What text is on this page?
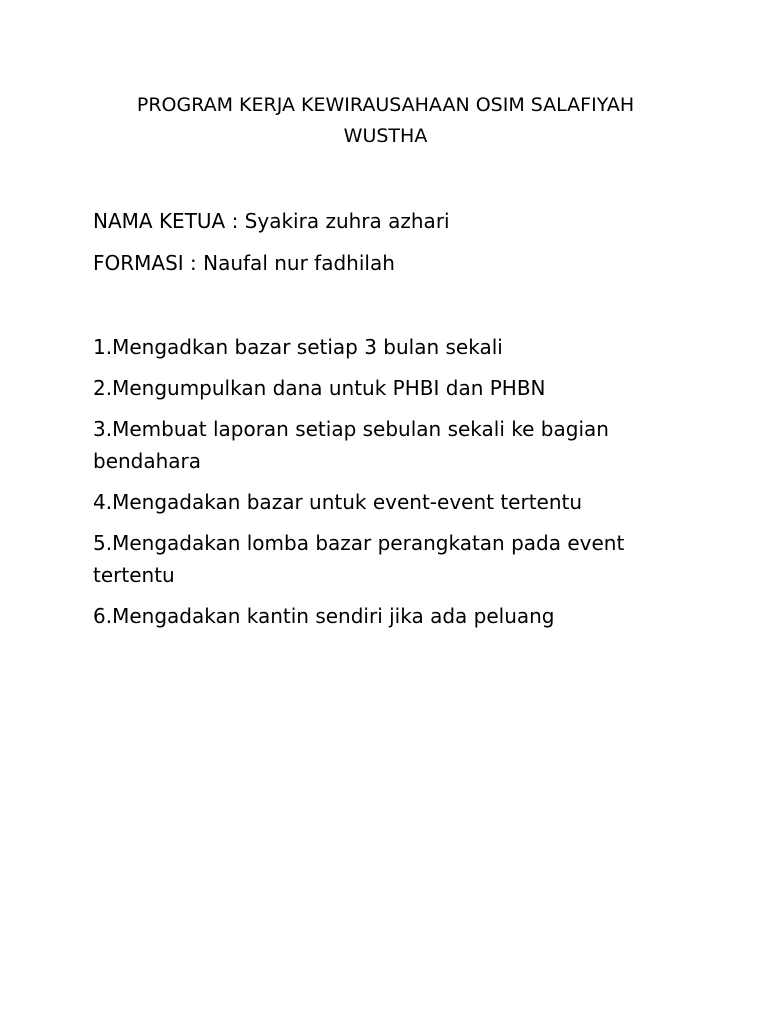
PROGRAM KERJA KEWIRAUSAHAAN OSIM SALAFIYAH WUSTHA

NAMA KETUA : Syakira zuhra azhari

FORMASI : Naufal nur fadhilah

1.Mengadkan bazar setiap 3 bulan sekali
2.Mengumpulkan dana untuk PHBI dan PHBN
3.Membuat laporan setiap sebulan sekali ke bagian bendahara
4.Mengadakan bazar untuk event-event tertentu
5.Mengadakan lomba bazar perangkatan pada event tertentu
6.Mengadakan kantin sendiri jika ada peluang
